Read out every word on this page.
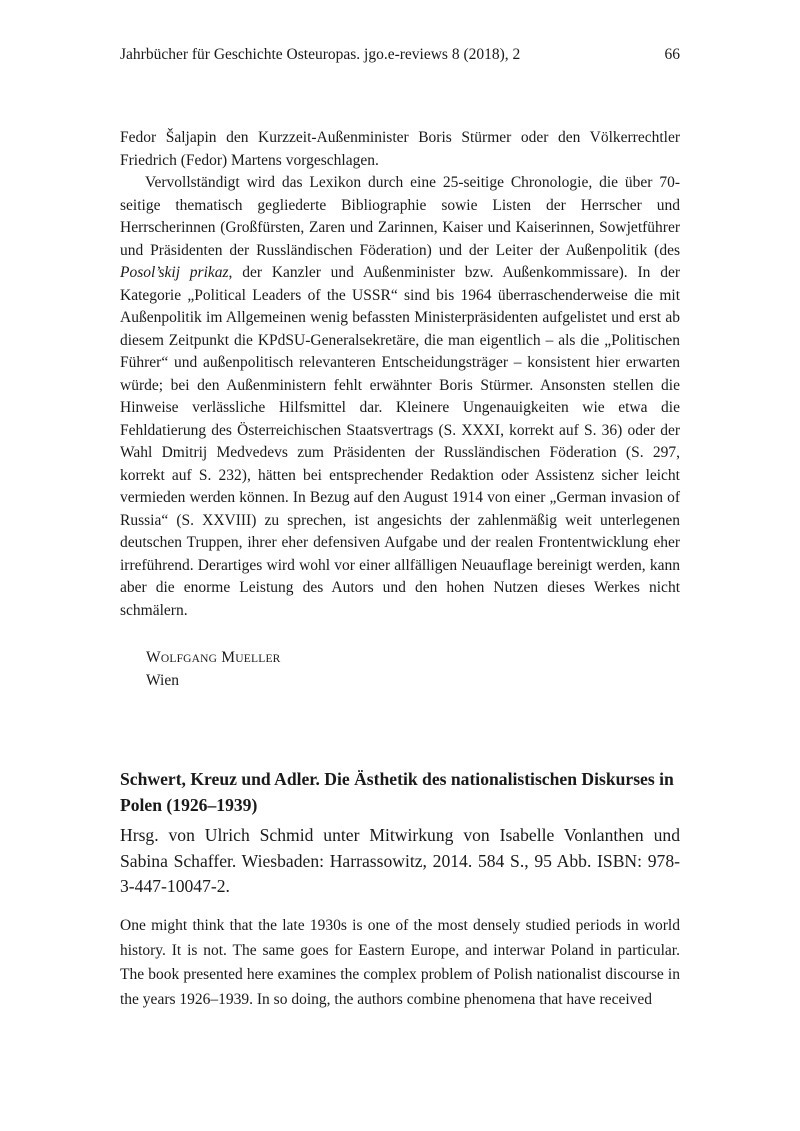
Jahrbücher für Geschichte Osteuropas. jgo.e-reviews 8 (2018), 2	66

Fedor Šaljapin den Kurzzeit-Außenminister Boris Stürmer oder den Völkerrechtler Friedrich (Fedor) Martens vorgeschlagen.

Vervollständigt wird das Lexikon durch eine 25-seitige Chronologie, die über 70-seitige thematisch gegliederte Bibliographie sowie Listen der Herrscher und Herrscherinnen (Großfürsten, Zaren und Zarinnen, Kaiser und Kaiserinnen, Sowjetführer und Präsidenten der Russländischen Föderation) und der Leiter der Außenpolitik (des Posol’skij prikaz, der Kanzler und Außenminister bzw. Außenkommissare). In der Kategorie „Political Leaders of the USSR“ sind bis 1964 überraschenderweise die mit Außenpolitik im Allgemeinen wenig befassten Ministerpräsidenten aufgelistet und erst ab diesem Zeitpunkt die KPdSU-Generalsekretäre, die man eigentlich – als die „Politischen Führer“ und außenpolitisch relevanteren Entscheidungsträger – konsistent hier erwarten würde; bei den Außenministern fehlt erwähnter Boris Stürmer. Ansonsten stellen die Hinweise verlässliche Hilfsmittel dar. Kleinere Ungenauigkeiten wie etwa die Fehldatierung des Österreichischen Staatsvertrags (S. XXXI, korrekt auf S. 36) oder der Wahl Dmitrij Medvedevs zum Präsidenten der Russländischen Föderation (S. 297, korrekt auf S. 232), hätten bei entsprechender Redaktion oder Assistenz sicher leicht vermieden werden können. In Bezug auf den August 1914 von einer „German invasion of Russia“ (S. XXVIII) zu sprechen, ist angesichts der zahlenmäßig weit unterlegenen deutschen Truppen, ihrer eher defensiven Aufgabe und der realen Frontentwicklung eher irreführend. Derartiges wird wohl vor einer allfälligen Neuauflage bereinigt werden, kann aber die enorme Leistung des Autors und den hohen Nutzen dieses Werkes nicht schmälern.

WOLFGANG MUELLER
Wien
Schwert, Kreuz und Adler. Die Ästhetik des nationalistischen Diskurses in Polen (1926–1939)
Hrsg. von Ulrich Schmid unter Mitwirkung von Isabelle Vonlanthen und Sabina Schaffer. Wiesbaden: Harrassowitz, 2014. 584 S., 95 Abb. ISBN: 978-3-447-10047-2.

One might think that the late 1930s is one of the most densely studied periods in world history. It is not. The same goes for Eastern Europe, and interwar Poland in particular. The book presented here examines the complex problem of Polish nationalist discourse in the years 1926–1939. In so doing, the authors combine phenomena that have received
